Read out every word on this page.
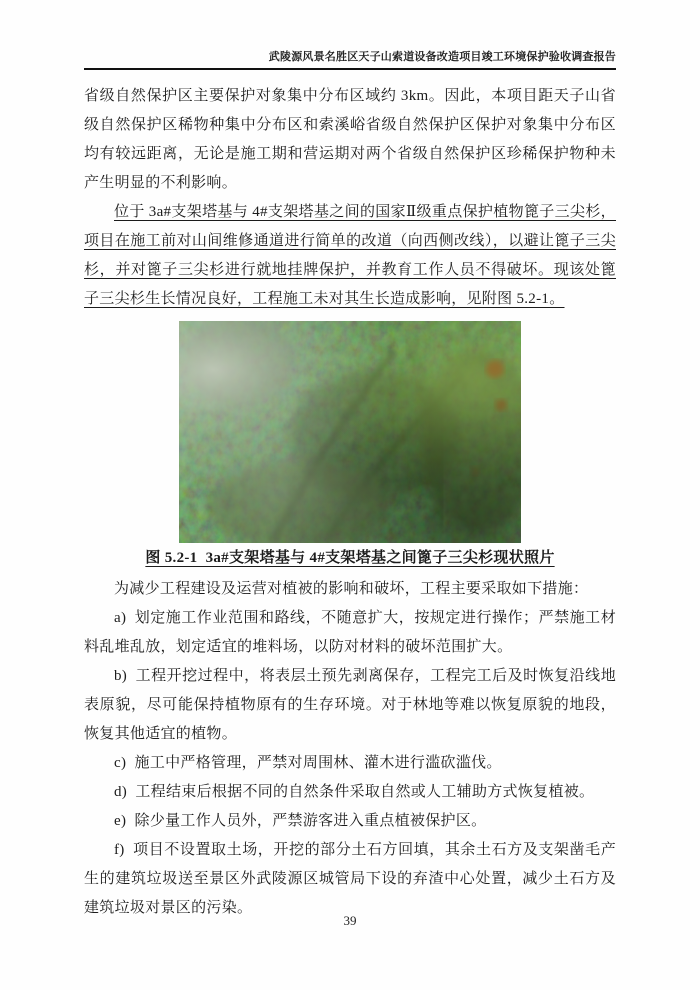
武陵源风景名胜区天子山索道设备改造项目竣工环境保护验收调查报告

省级自然保护区主要保护对象集中分布区域约 3km。因此，本项目距天子山省级自然保护区稀物种集中分布区和索溪峪省级自然保护区保护对象集中分布区均有较远距离，无论是施工期和营运期对两个省级自然保护区珍稀保护物种未产生明显的不利影响。

位于 3a#支架塔基与 4#支架塔基之间的国家Ⅱ级重点保护植物篦子三尖杉，项目在施工前对山间维修通道进行简单的改道（向西侧改线），以避让篦子三尖杉，并对篦子三尖杉进行就地挂牌保护，并教育工作人员不得破坏。现该处篦子三尖杉生长情况良好，工程施工未对其生长造成影响，见附图 5.2-1。

图 5.2-1  3a#支架塔基与 4#支架塔基之间篦子三尖杉现状照片

为减少工程建设及运营对植被的影响和破坏，工程主要采取如下措施：

a) 划定施工作业范围和路线，不随意扩大，按规定进行操作；严禁施工材料乱堆乱放，划定适宜的堆料场，以防对材料的破坏范围扩大。

b) 工程开挖过程中，将表层土预先剥离保存，工程完工后及时恢复沿线地表原貌，尽可能保持植物原有的生存环境。对于林地等难以恢复原貌的地段，恢复其他适宜的植物。

c) 施工中严格管理，严禁对周围林、灌木进行滥砍滥伐。

d) 工程结束后根据不同的自然条件采取自然或人工辅助方式恢复植被。

e) 除少量工作人员外，严禁游客进入重点植被保护区。

f) 项目不设置取土场，开挖的部分土石方回填，其余土石方及支架凿毛产生的建筑垃圾送至景区外武陵源区城管局下设的弃渣中心处置，减少土石方及建筑垃圾对景区的污染。

39
